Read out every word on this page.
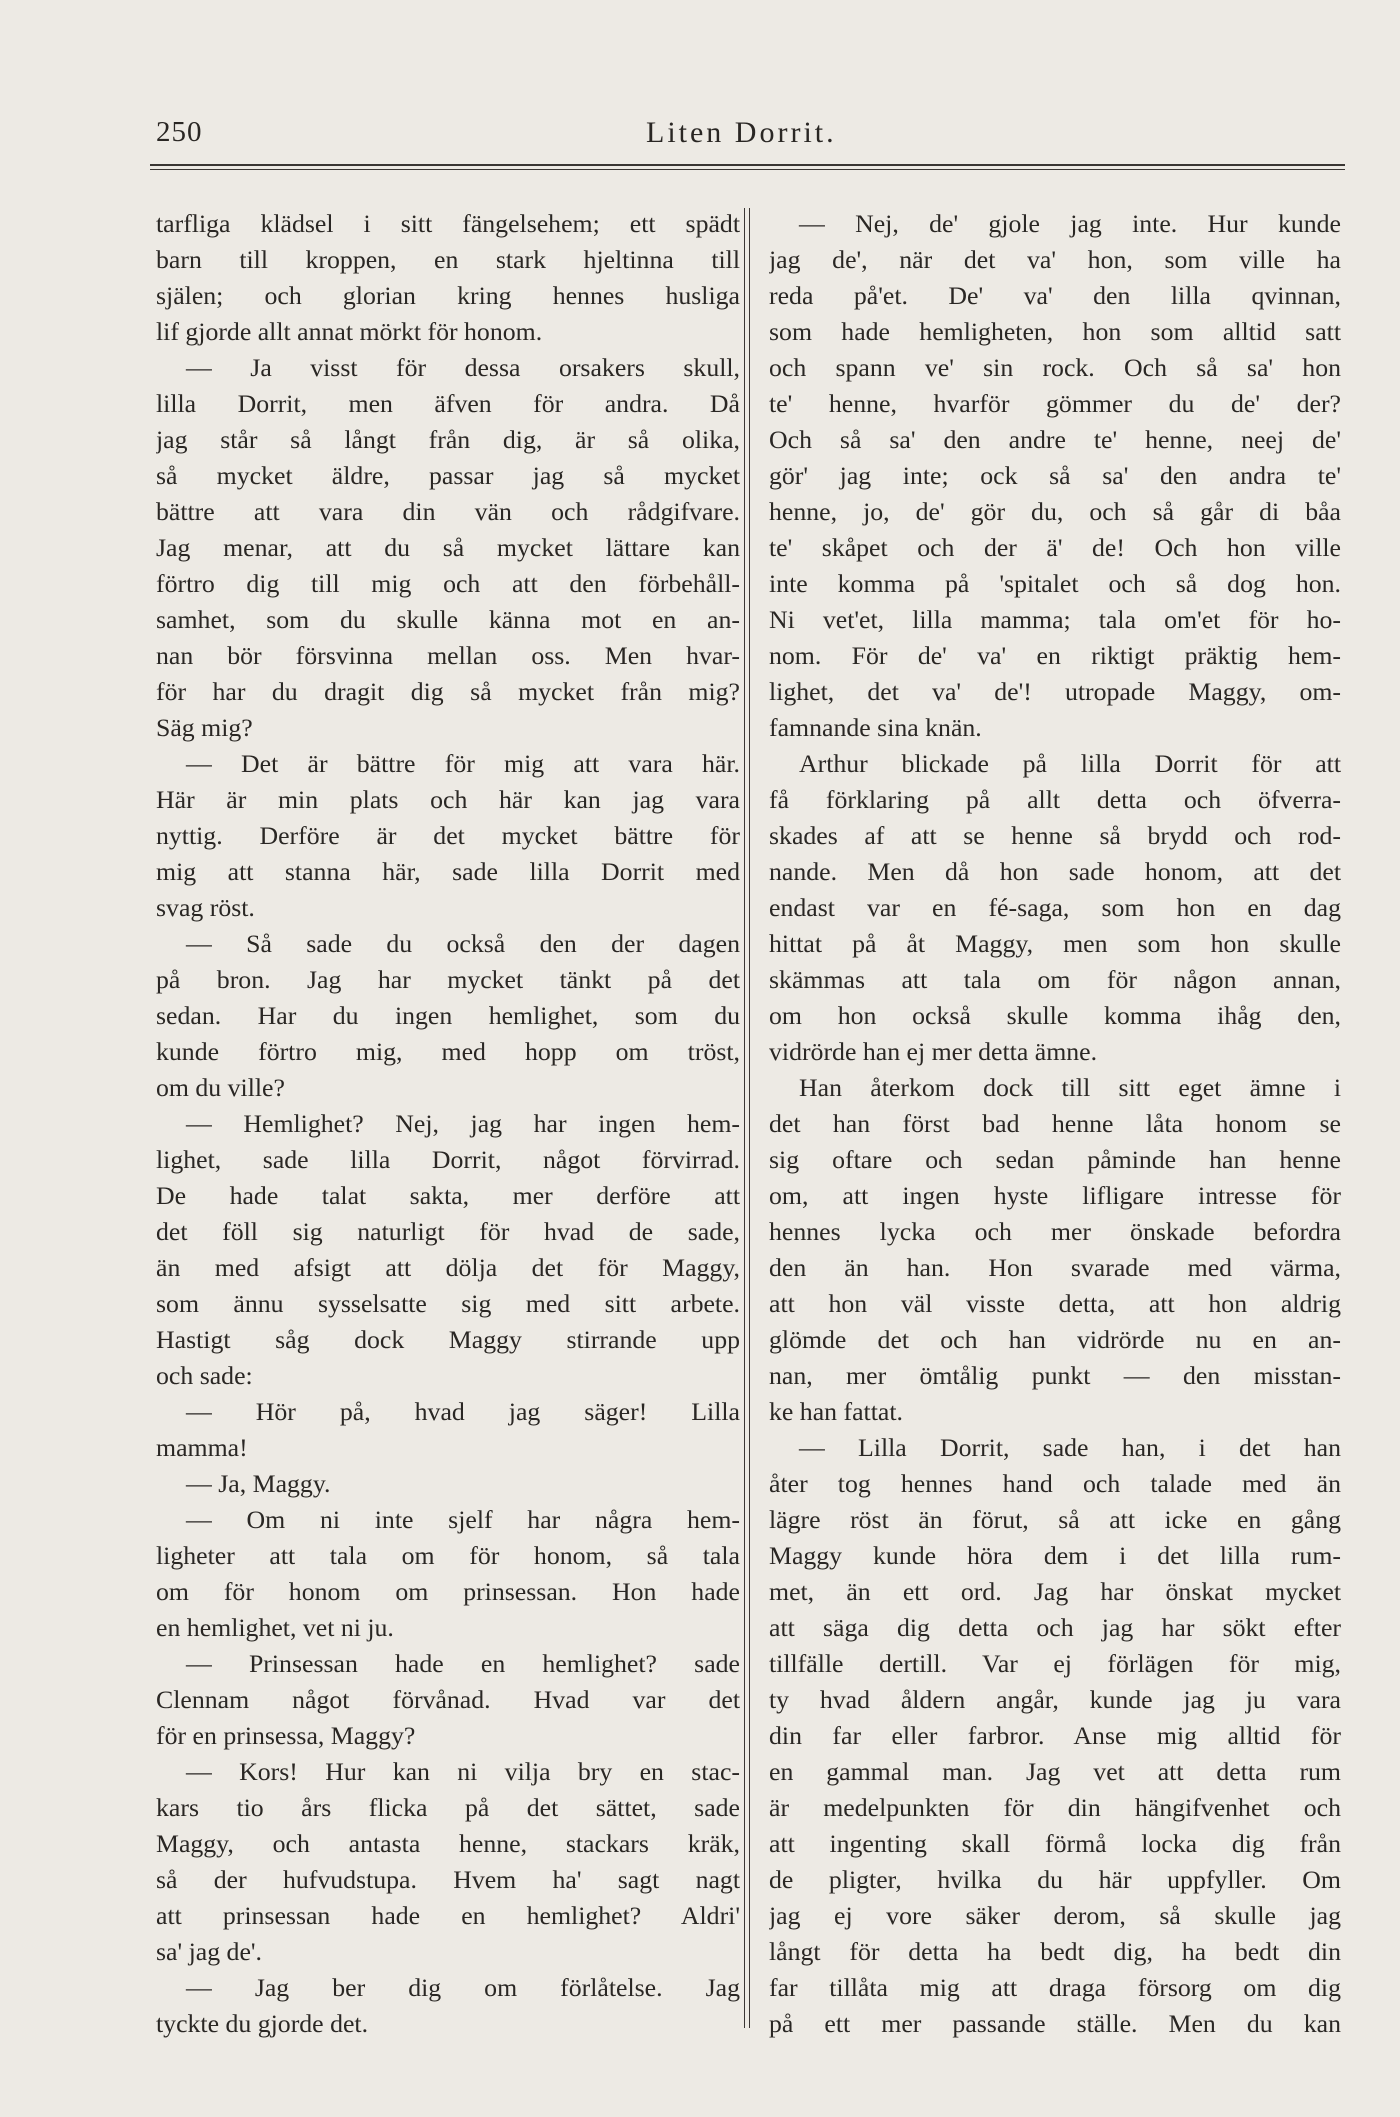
250	Liten Dorrit.
tarfliga klädsel i sitt fängelsehem; ett spädt
barn till kroppen, en stark hjeltinna till
själen; och glorian kring hennes husliga
lif gjorde allt annat mörkt för honom.
— Ja visst för dessa orsakers skull,
lilla Dorrit, men äfven för andra. Då
jag står så långt från dig, är så olika,
så mycket äldre, passar jag så mycket
bättre att vara din vän och rådgifvare.
Jag menar, att du så mycket lättare kan
förtro dig till mig och att den förbehåll-
samhet, som du skulle känna mot en an-
nan bör försvinna mellan oss. Men hvar-
för har du dragit dig så mycket från mig?
Säg mig?
— Det är bättre för mig att vara här.
Här är min plats och här kan jag vara
nyttig. Derföre är det mycket bättre för
mig att stanna här, sade lilla Dorrit med
svag röst.
— Så sade du också den der dagen
på bron. Jag har mycket tänkt på det
sedan. Har du ingen hemlighet, som du
kunde förtro mig, med hopp om tröst,
om du ville?
— Hemlighet? Nej, jag har ingen hem-
lighet, sade lilla Dorrit, något förvirrad.
De hade talat sakta, mer derföre att
det föll sig naturligt för hvad de sade,
än med afsigt att dölja det för Maggy,
som ännu sysselsatte sig med sitt arbete.
Hastigt såg dock Maggy stirrande upp
och sade:
— Hör på, hvad jag säger! Lilla
mamma!
— Ja, Maggy.
— Om ni inte sjelf har några hem-
ligheter att tala om för honom, så tala
om för honom om prinsessan. Hon hade
en hemlighet, vet ni ju.
— Prinsessan hade en hemlighet? sade
Clennam något förvånad. Hvad var det
för en prinsessa, Maggy?
— Kors! Hur kan ni vilja bry en stac-
kars tio års flicka på det sättet, sade
Maggy, och antasta henne, stackars kräk,
så der hufvudstupa. Hvem ha' sagt nagt
att prinsessan hade en hemlighet? Aldri'
sa' jag de'.
— Jag ber dig om förlåtelse. Jag
tyckte du gjorde det.
— Nej, de' gjole jag inte. Hur kunde
jag de', när det va' hon, som ville ha
reda på'et. De' va' den lilla qvinnan,
som hade hemligheten, hon som alltid satt
och spann ve' sin rock. Och så sa' hon
te' henne, hvarför gömmer du de' der?
Och så sa' den andre te' henne, neej de'
gör' jag inte; ock så sa' den andra te'
henne, jo, de' gör du, och så går di båa
te' skåpet och der ä' de! Och hon ville
inte komma på 'spitalet och så dog hon.
Ni vet'et, lilla mamma; tala om'et för ho-
nom. För de' va' en riktigt präktig hem-
lighet, det va' de'! utropade Maggy, om-
famnande sina knän.
Arthur blickade på lilla Dorrit för att
få förklaring på allt detta och öfverra-
skades af att se henne så brydd och rod-
nande. Men då hon sade honom, att det
endast var en fé-saga, som hon en dag
hittat på åt Maggy, men som hon skulle
skämmas att tala om för någon annan,
om hon också skulle komma ihåg den,
vidrörde han ej mer detta ämne.
Han återkom dock till sitt eget ämne i
det han först bad henne låta honom se
sig oftare och sedan påminde han henne
om, att ingen hyste lifligare intresse för
hennes lycka och mer önskade befordra
den än han. Hon svarade med värma,
att hon väl visste detta, att hon aldrig
glömde det och han vidrörde nu en an-
nan, mer ömtålig punkt — den misstan-
ke han fattat.
— Lilla Dorrit, sade han, i det han
åter tog hennes hand och talade med än
lägre röst än förut, så att icke en gång
Maggy kunde höra dem i det lilla rum-
met, än ett ord. Jag har önskat mycket
att säga dig detta och jag har sökt efter
tillfälle dertill. Var ej förlägen för mig,
ty hvad åldern angår, kunde jag ju vara
din far eller farbror. Anse mig alltid för
en gammal man. Jag vet att detta rum
är medelpunkten för din hängifvenhet och
att ingenting skall förmå locka dig från
de pligter, hvilka du här uppfyller. Om
jag ej vore säker derom, så skulle jag
långt för detta ha bedt dig, ha bedt din
far tillåta mig att draga försorg om dig
på ett mer passande ställe. Men du kan
